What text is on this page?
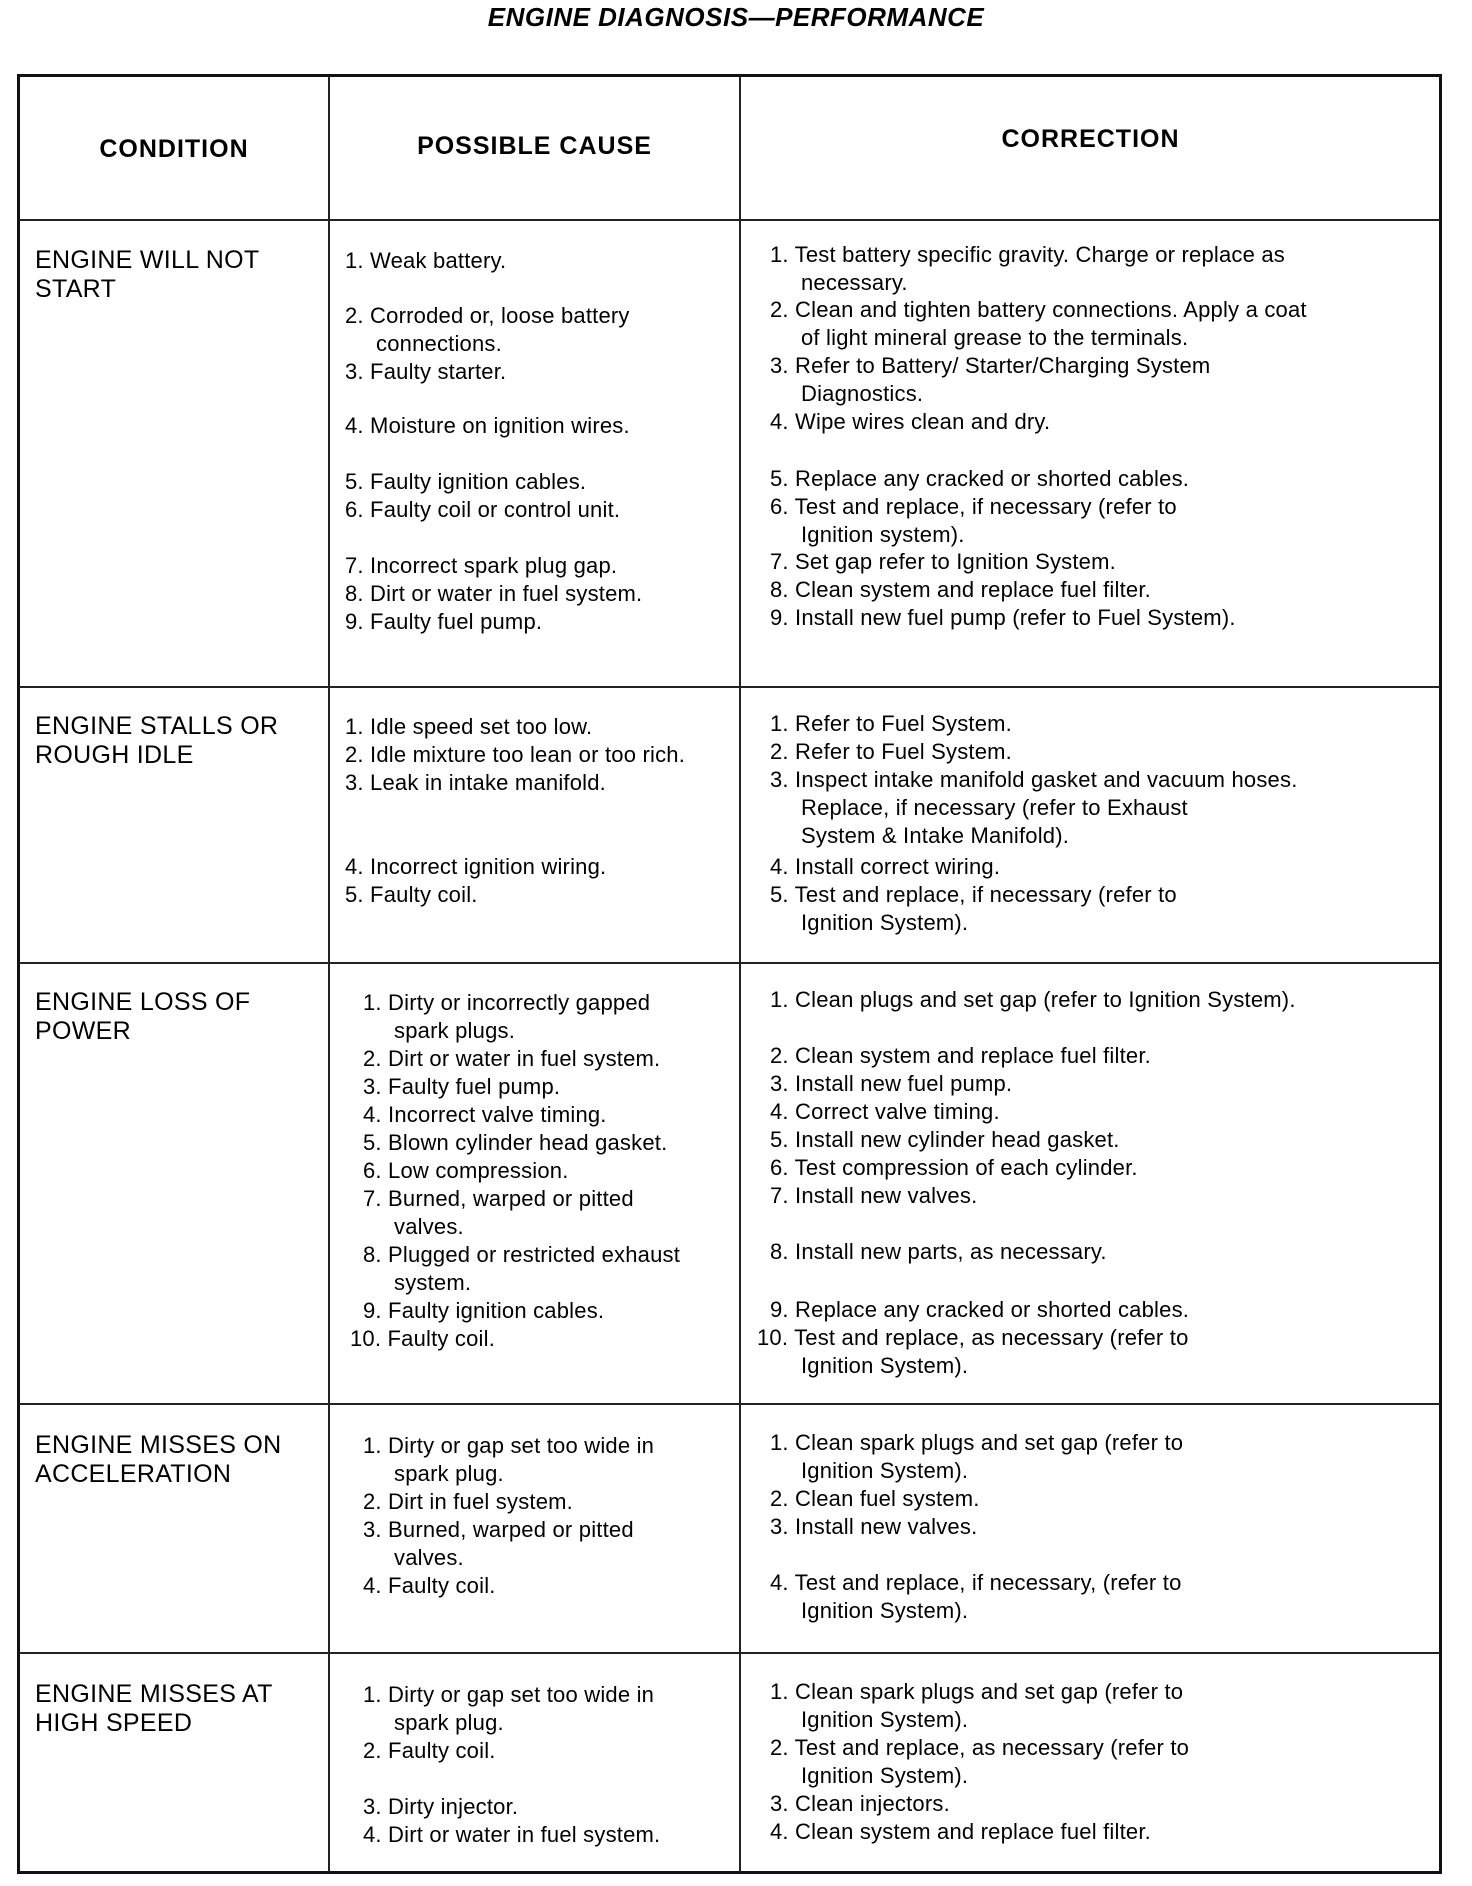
ENGINE DIAGNOSIS—PERFORMANCE
CONDITION	POSSIBLE CAUSE	CORRECTION
ENGINE WILL NOT
START
1. Weak battery.
2. Corroded or, loose battery
connections.
3. Faulty starter.
4. Moisture on ignition wires.
5. Faulty ignition cables.
6. Faulty coil or control unit.
7. Incorrect spark plug gap.
8. Dirt or water in fuel system.
9. Faulty fuel pump.
1. Test battery specific gravity. Charge or replace as
necessary.
2. Clean and tighten battery connections. Apply a coat
of light mineral grease to the terminals.
3. Refer to Battery/ Starter/Charging System
Diagnostics.
4. Wipe wires clean and dry.
5. Replace any cracked or shorted cables.
6. Test and replace, if necessary (refer to
Ignition system).
7. Set gap refer to Ignition System.
8. Clean system and replace fuel filter.
9. Install new fuel pump (refer to Fuel System).
ENGINE STALLS OR
ROUGH IDLE
1. Idle speed set too low.
2. Idle mixture too lean or too rich.
3. Leak in intake manifold.
4. Incorrect ignition wiring.
5. Faulty coil.
1. Refer to Fuel System.
2. Refer to Fuel System.
3. Inspect intake manifold gasket and vacuum hoses.
Replace, if necessary (refer to Exhaust
System & Intake Manifold).
4. Install correct wiring.
5. Test and replace, if necessary (refer to
Ignition System).
ENGINE LOSS OF
POWER
1. Dirty or incorrectly gapped
spark plugs.
2. Dirt or water in fuel system.
3. Faulty fuel pump.
4. Incorrect valve timing.
5. Blown cylinder head gasket.
6. Low compression.
7. Burned, warped or pitted
valves.
8. Plugged or restricted exhaust
system.
9. Faulty ignition cables.
10. Faulty coil.
1. Clean plugs and set gap (refer to Ignition System).
2. Clean system and replace fuel filter.
3. Install new fuel pump.
4. Correct valve timing.
5. Install new cylinder head gasket.
6. Test compression of each cylinder.
7. Install new valves.
8. Install new parts, as necessary.
9. Replace any cracked or shorted cables.
10. Test and replace, as necessary (refer to
Ignition System).
ENGINE MISSES ON
ACCELERATION
1. Dirty or gap set too wide in
spark plug.
2. Dirt in fuel system.
3. Burned, warped or pitted
valves.
4. Faulty coil.
1. Clean spark plugs and set gap (refer to
Ignition System).
2. Clean fuel system.
3. Install new valves.
4. Test and replace, if necessary, (refer to
Ignition System).
ENGINE MISSES AT
HIGH SPEED
1. Dirty or gap set too wide in
spark plug.
2. Faulty coil.
3. Dirty injector.
4. Dirt or water in fuel system.
1. Clean spark plugs and set gap (refer to
Ignition System).
2. Test and replace, as necessary (refer to
Ignition System).
3. Clean injectors.
4. Clean system and replace fuel filter.
